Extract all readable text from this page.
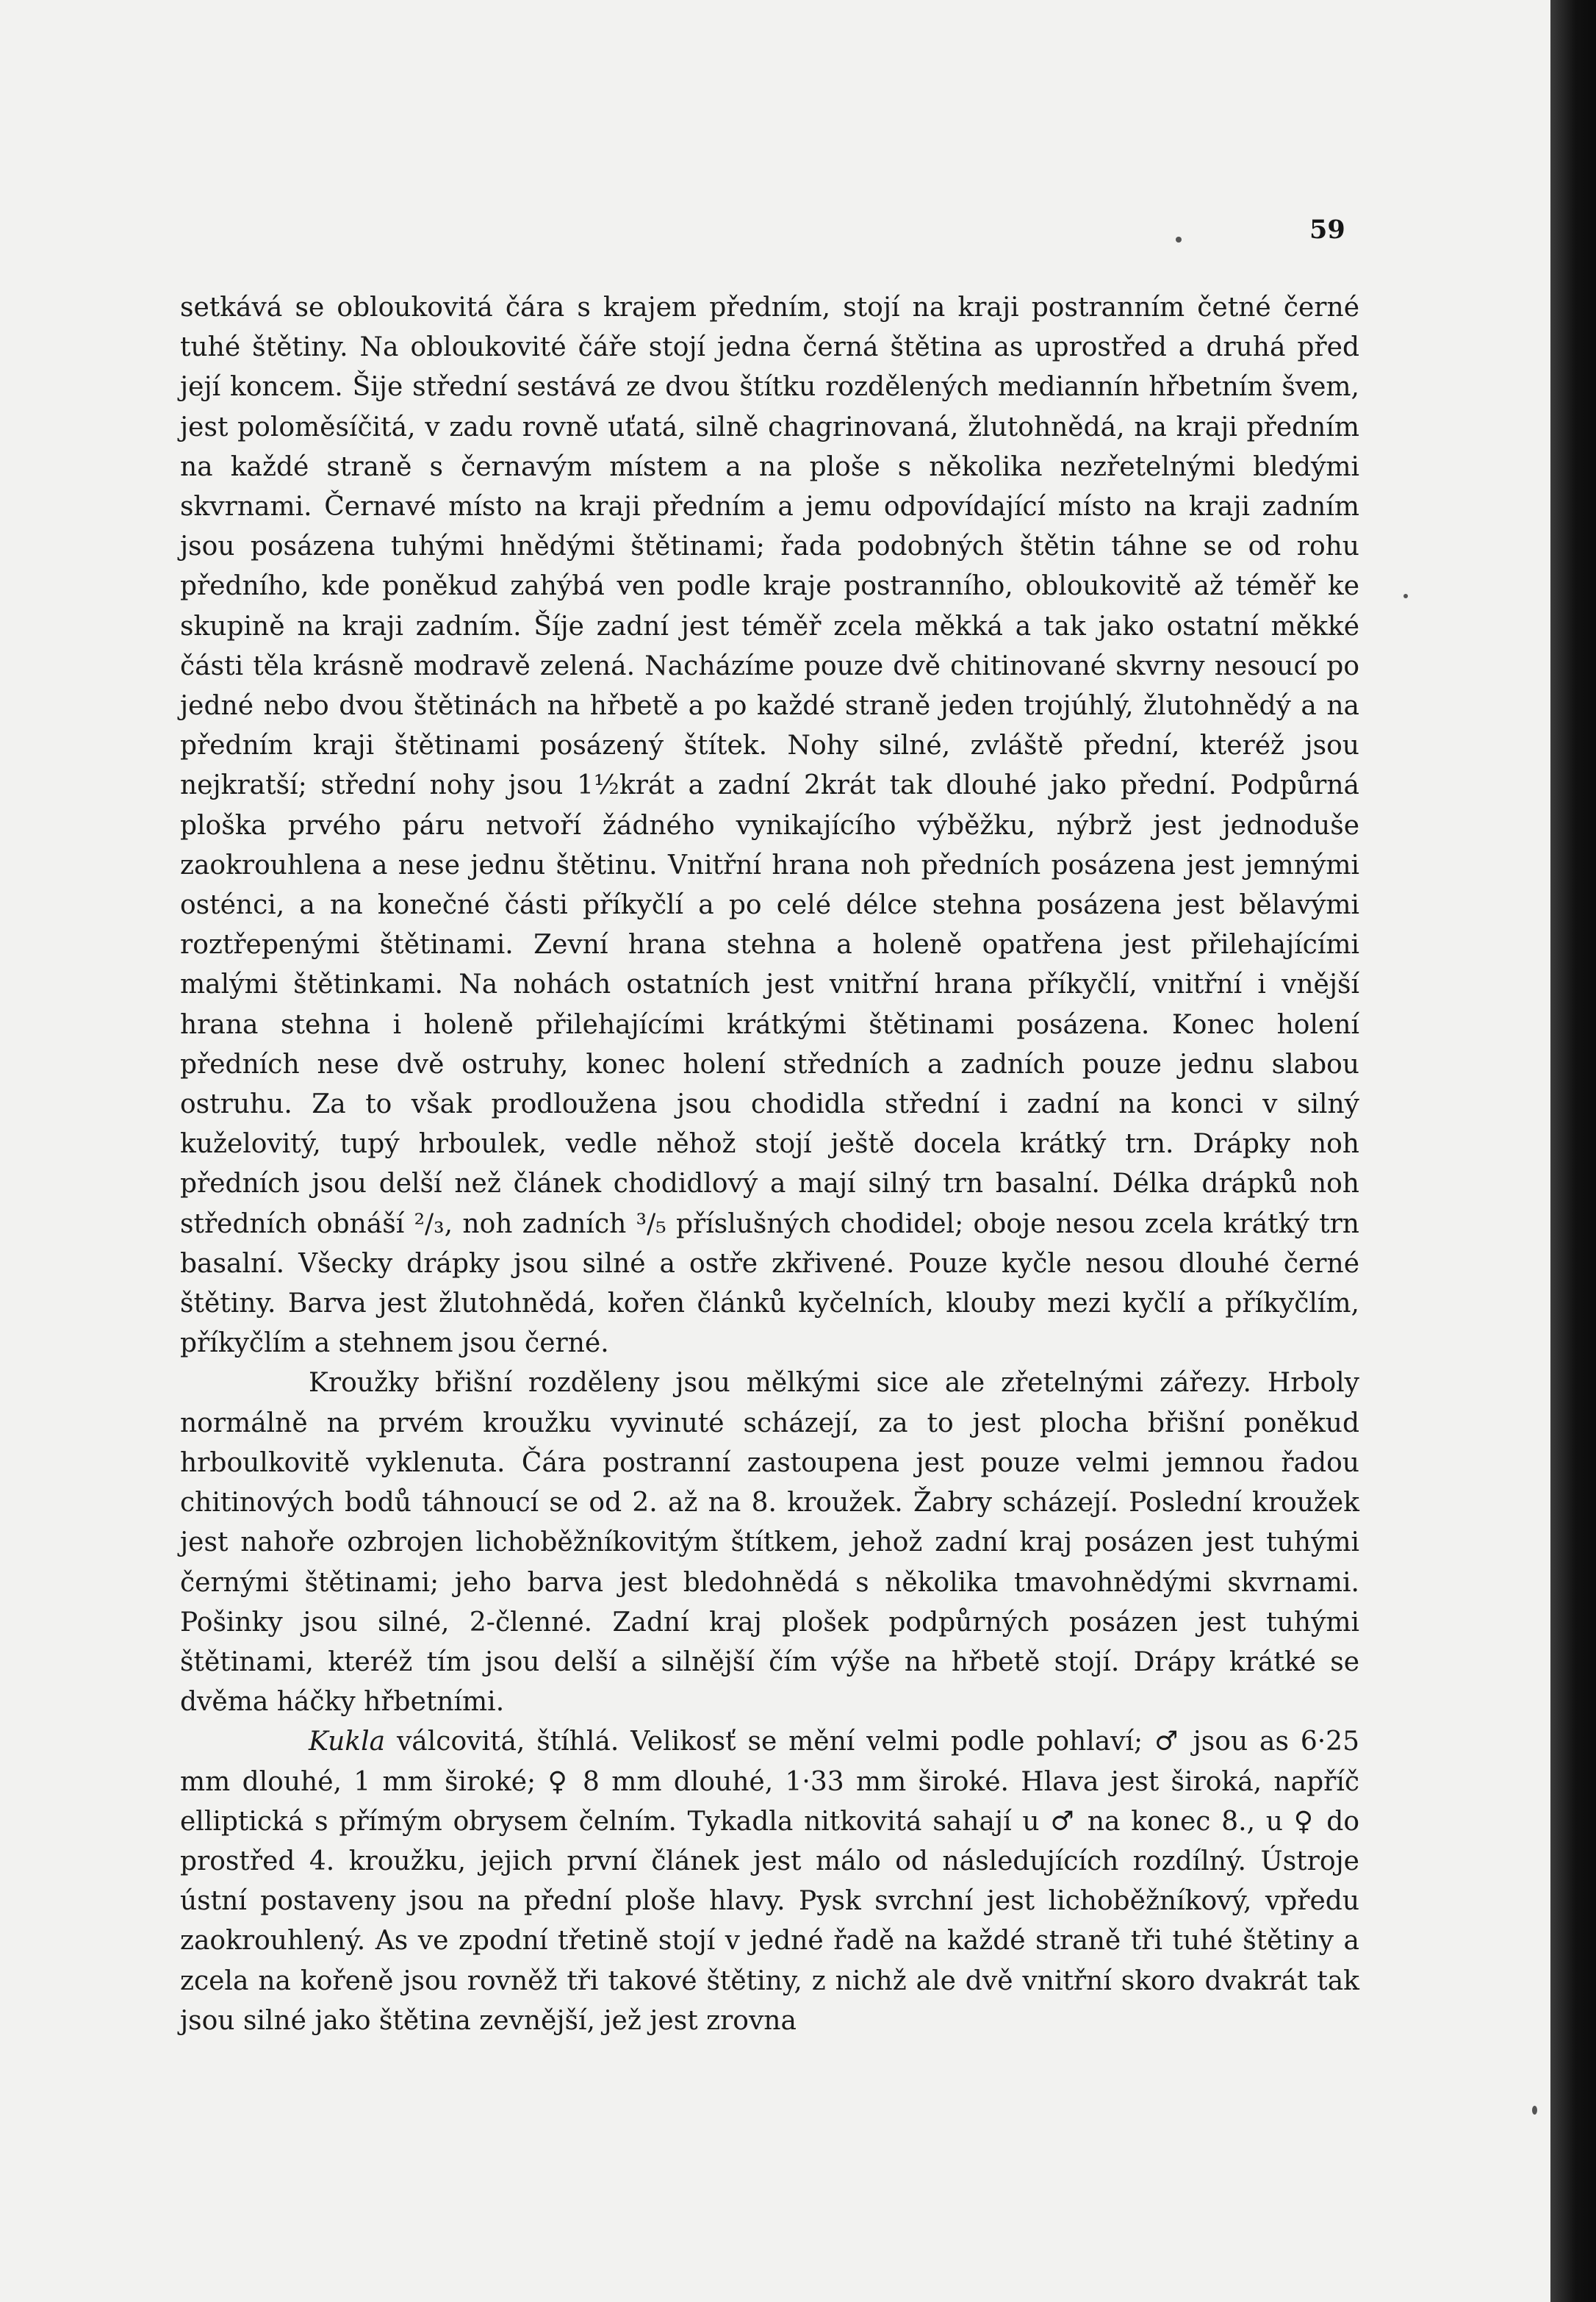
59

setkává se obloukovitá čára s krajem předním, stojí na kraji postranním četné černé tuhé štětiny. Na obloukovité čáře stojí jedna černá štětina as uprostřed a druhá před její koncem. Šije střední sestává ze dvou štítku rozdělených mediannín hřbetním švem, jest poloměsíčitá, v zadu rovně uťatá, silně chagrinovaná, žlutohnědá, na kraji předním na každé straně s černavým místem a na ploše s několika nezřetelnými bledými skvrnami. Černavé místo na kraji předním a jemu odpovídající místo na kraji zadním jsou posázena tuhými hnědými štětinami; řada podobných štětin táhne se od rohu předního, kde poněkud zahýbá ven podle kraje postranního, obloukovitě až téměř ke skupině na kraji zadním. Šíje zadní jest téměř zcela měkká a tak jako ostatní měkké části těla krásně modravě zelená. Nacházíme pouze dvě chitinované skvrny nesoucí po jedné nebo dvou štětinách na hřbetě a po každé straně jeden trojúhlý, žlutohnědý a na předním kraji štětinami posázený štítek. Nohy silné, zvláště přední, kteréž jsou nejkratší; střední nohy jsou 1½krát a zadní 2krát tak dlouhé jako přední. Podpůrná ploška prvého páru netvoří žádného vynikajícího výběžku, nýbrž jest jednoduše zaokrouhlena a nese jednu štětinu. Vnitřní hrana noh předních posázena jest jemnými osténci, a na konečné části příkyčlí a po celé délce stehna posázena jest bělavými roztřepenými štětinami. Zevní hrana stehna a holeně opatřena jest přilehajícími malými štětinkami. Na nohách ostatních jest vnitřní hrana příkyčlí, vnitřní i vnější hrana stehna i holeně přilehajícími krátkými štětinami posázena. Konec holení předních nese dvě ostruhy, konec holení středních a zadních pouze jednu slabou ostruhu. Za to však prodloužena jsou chodidla střední i zadní na konci v silný kuželovitý, tupý hrboulek, vedle něhož stojí ještě docela krátký trn. Drápky noh předních jsou delší než článek chodidlový a mají silný trn basalní. Délka drápků noh středních obnáší ²/₃, noh zadních ³/₅ příslušných chodidel; oboje nesou zcela krátký trn basalní. Všecky drápky jsou silné a ostře zkřivené. Pouze kyčle nesou dlouhé černé štětiny. Barva jest žlutohnědá, kořen článků kyčelních, klouby mezi kyčlí a příkyčlím, příkyčlím a stehnem jsou černé.

Kroužky břišní rozděleny jsou mělkými sice ale zřetelnými zářezy. Hrboly normálně na prvém kroužku vyvinuté scházejí, za to jest plocha břišní poněkud hrboulkovitě vyklenuta. Čára postranní zastoupena jest pouze velmi jemnou řadou chitinových bodů táhnoucí se od 2. až na 8. kroužek. Žabry scházejí. Poslední kroužek jest nahoře ozbrojen lichoběžníkovitým štítkem, jehož zadní kraj posázen jest tuhými černými štětinami; jeho barva jest bledohnědá s několika tmavohnědými skvrnami. Pošinky jsou silné, 2-členné. Zadní kraj plošek podpůrných posázen jest tuhými štětinami, kteréž tím jsou delší a silnější čím výše na hřbetě stojí. Drápy krátké se dvěma háčky hřbetními.

Kukla válcovitá, štíhlá. Velikosť se mění velmi podle pohlaví; ♂ jsou as 6·25 mm dlouhé, 1 mm široké; ♀ 8 mm dlouhé, 1·33 mm široké. Hlava jest široká, napříč elliptická s přímým obrysem čelním. Tykadla nitkovitá sahají u ♂ na konec 8., u ♀ do prostřed 4. kroužku, jejich první článek jest málo od následujících rozdílný. Ústroje ústní postaveny jsou na přední ploše hlavy. Pysk svrchní jest lichoběžníkový, vpředu zaokrouhlený. As ve zpodní třetině stojí v jedné řadě na každé straně tři tuhé štětiny a zcela na kořeně jsou rovněž tři takové štětiny, z nichž ale dvě vnitřní skoro dvakrát tak jsou silné jako štětina zevnější, jež jest zrovna
